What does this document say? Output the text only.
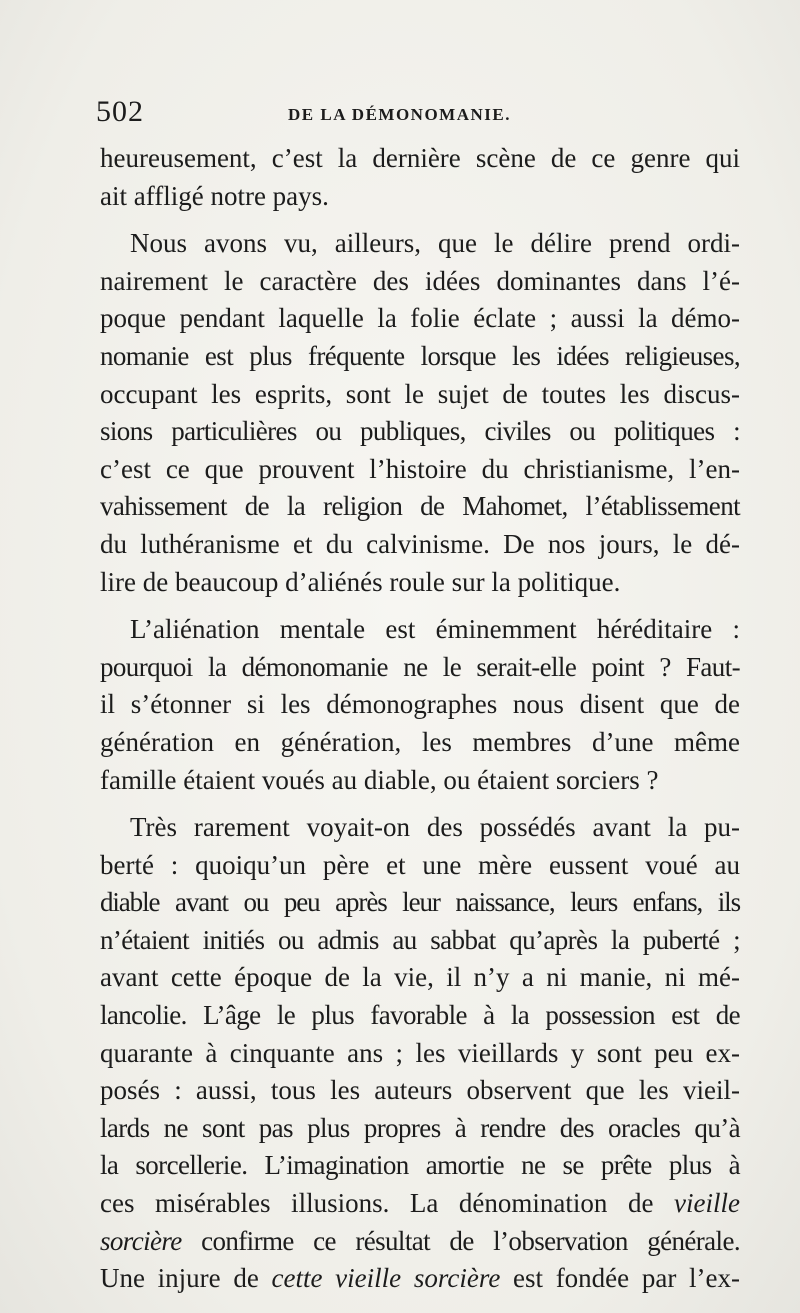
502	DE LA DÉMONOMANIE.
heureusement, c’est la dernière scène de ce genre qui
ait affligé notre pays.
Nous avons vu, ailleurs, que le délire prend ordi-
nairement le caractère des idées dominantes dans l’é-
poque pendant laquelle la folie éclate ; aussi la démo-
nomanie est plus fréquente lorsque les idées religieuses,
occupant les esprits, sont le sujet de toutes les discus-
sions particulières ou publiques, civiles ou politiques :
c’est ce que prouvent l’histoire du christianisme, l’en-
vahissement de la religion de Mahomet, l’établissement
du luthéranisme et du calvinisme. De nos jours, le dé-
lire de beaucoup d’aliénés roule sur la politique.
L’aliénation mentale est éminemment héréditaire :
pourquoi la démonomanie ne le serait-elle point ? Faut-
il s’étonner si les démonographes nous disent que de
génération en génération, les membres d’une même
famille étaient voués au diable, ou étaient sorciers ?
Très rarement voyait-on des possédés avant la pu-
berté : quoiqu’un père et une mère eussent voué au
diable avant ou peu après leur naissance, leurs enfans, ils
n’étaient initiés ou admis au sabbat qu’après la puberté ;
avant cette époque de la vie, il n’y a ni manie, ni mé-
lancolie. L’âge le plus favorable à la possession est de
quarante à cinquante ans ; les vieillards y sont peu ex-
posés : aussi, tous les auteurs observent que les vieil-
lards ne sont pas plus propres à rendre des oracles qu’à
la sorcellerie. L’imagination amortie ne se prête plus à
ces misérables illusions. La dénomination de vieille
sorcière confirme ce résultat de l’observation générale.
Une injure de cette vieille sorcière est fondée par l’ex-
